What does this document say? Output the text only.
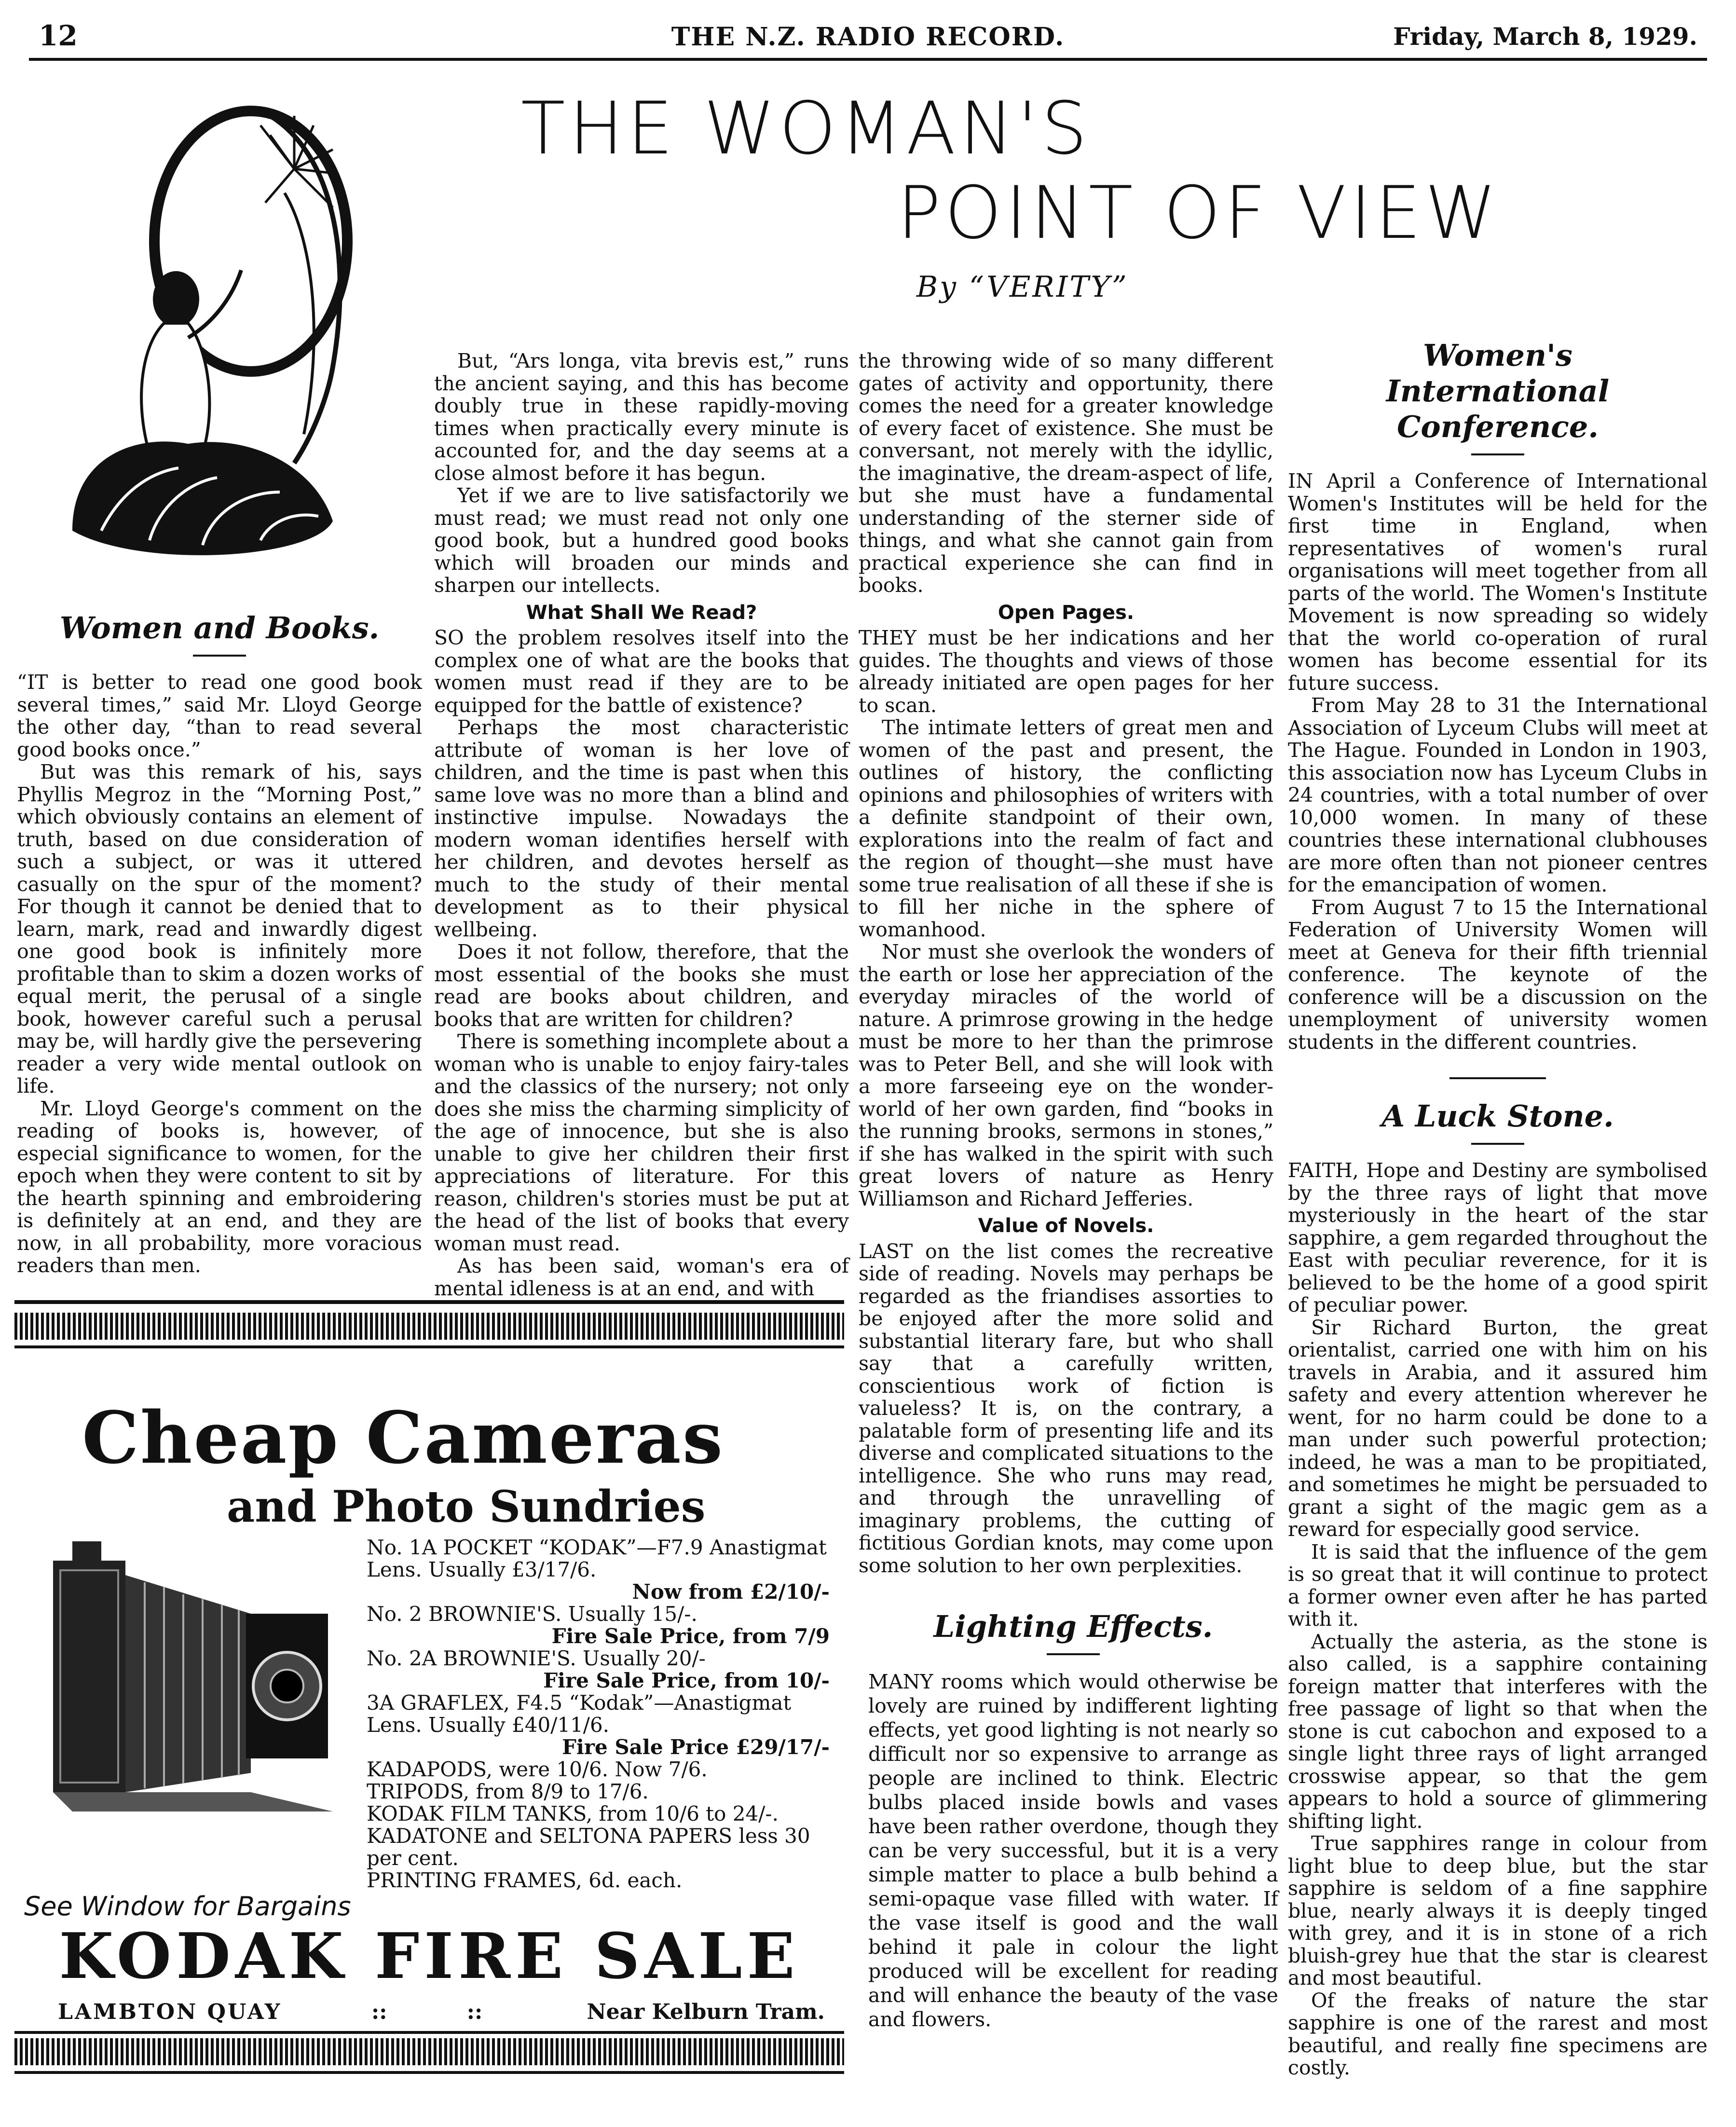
12	THE N.Z. RADIO RECORD.	Friday, March 8, 1929.
THE WOMAN'S
POINT OF VIEW
By “VERITY”
Women and Books.

“IT is better to read one good book several times,” said Mr. Lloyd George the other day, “than to read several good books once.”

But was this remark of his, says Phyllis Megroz in the “Morning Post,” which obviously contains an element of truth, based on due consideration of such a subject, or was it uttered casually on the spur of the moment? For though it cannot be denied that to learn, mark, read and inwardly digest one good book is infinitely more profitable than to skim a dozen works of equal merit, the perusal of a single book, however careful such a perusal may be, will hardly give the persevering reader a very wide mental outlook on life.

Mr. Lloyd George's comment on the reading of books is, however, of especial significance to women, for the epoch when they were content to sit by the hearth spinning and embroidering is definitely at an end, and they are now, in all probability, more voracious readers than men.

But, “Ars longa, vita brevis est,” runs the ancient saying, and this has become doubly true in these rapidly-moving times when practically every minute is accounted for, and the day seems at a close almost before it has begun.

Yet if we are to live satisfactorily we must read; we must read not only one good book, but a hundred good books which will broaden our minds and sharpen our intellects.

What Shall We Read?

SO the problem resolves itself into the complex one of what are the books that women must read if they are to be equipped for the battle of existence?

Perhaps the most characteristic attribute of woman is her love of children, and the time is past when this same love was no more than a blind and instinctive impulse. Nowadays the modern woman identifies herself with her children, and devotes herself as much to the study of their mental development as to their physical wellbeing.

Does it not follow, therefore, that the most essential of the books she must read are books about children, and books that are written for children?

There is something incomplete about a woman who is unable to enjoy fairy-tales and the classics of the nursery; not only does she miss the charming simplicity of the age of innocence, but she is also unable to give her children their first appreciations of literature. For this reason, children's stories must be put at the head of the list of books that every woman must read.

As has been said, woman's era of mental idleness is at an end, and with

the throwing wide of so many different gates of activity and opportunity, there comes the need for a greater knowledge of every facet of existence. She must be conversant, not merely with the idyllic, the imaginative, the dream-aspect of life, but she must have a fundamental understanding of the sterner side of things, and what she cannot gain from practical experience she can find in books.

Open Pages.

THEY must be her indications and her guides. The thoughts and views of those already initiated are open pages for her to scan.

The intimate letters of great men and women of the past and present, the outlines of history, the conflicting opinions and philosophies of writers with a definite standpoint of their own, explorations into the realm of fact and the region of thought—she must have some true realisation of all these if she is to fill her niche in the sphere of womanhood.

Nor must she overlook the wonders of the earth or lose her appreciation of the everyday miracles of the world of nature. A primrose growing in the hedge must be more to her than the primrose was to Peter Bell, and she will look with a more farseeing eye on the wonder-world of her own garden, find “books in the running brooks, sermons in stones,” if she has walked in the spirit with such great lovers of nature as Henry Williamson and Richard Jefferies.

Value of Novels.

LAST on the list comes the recreative side of reading. Novels may perhaps be regarded as the friandises assorties to be enjoyed after the more solid and substantial literary fare, but who shall say that a carefully written, conscientious work of fiction is valueless? It is, on the contrary, a palatable form of presenting life and its diverse and complicated situations to the intelligence. She who runs may read, and through the unravelling of imaginary problems, the cutting of fictitious Gordian knots, may come upon some solution to her own perplexities.

Lighting Effects.

MANY rooms which would otherwise be lovely are ruined by indifferent lighting effects, yet good lighting is not nearly so difficult nor so expensive to arrange as people are inclined to think. Electric bulbs placed inside bowls and vases have been rather overdone, though they can be very successful, but it is a very simple matter to place a bulb behind a semi-opaque vase filled with water. If the vase itself is good and the wall behind it pale in colour the light produced will be excellent for reading and will enhance the beauty of the vase and flowers.

Women's International Conference.

IN April a Conference of International Women's Institutes will be held for the first time in England, when representatives of women's rural organisations will meet together from all parts of the world. The Women's Institute Movement is now spreading so widely that the world co-operation of rural women has become essential for its future success.

From May 28 to 31 the International Association of Lyceum Clubs will meet at The Hague. Founded in London in 1903, this association now has Lyceum Clubs in 24 countries, with a total number of over 10,000 women. In many of these countries these international clubhouses are more often than not pioneer centres for the emancipation of women.

From August 7 to 15 the International Federation of University Women will meet at Geneva for their fifth triennial conference. The keynote of the conference will be a discussion on the unemployment of university women students in the different countries.

A Luck Stone.

FAITH, Hope and Destiny are symbolised by the three rays of light that move mysteriously in the heart of the star sapphire, a gem regarded throughout the East with peculiar reverence, for it is believed to be the home of a good spirit of peculiar power.

Sir Richard Burton, the great orientalist, carried one with him on his travels in Arabia, and it assured him safety and every attention wherever he went, for no harm could be done to a man under such powerful protection; indeed, he was a man to be propitiated, and sometimes he might be persuaded to grant a sight of the magic gem as a reward for especially good service.

It is said that the influence of the gem is so great that it will continue to protect a former owner even after he has parted with it.

Actually the asteria, as the stone is also called, is a sapphire containing foreign matter that interferes with the free passage of light so that when the stone is cut cabochon and exposed to a single light three rays of light arranged crosswise appear, so that the gem appears to hold a source of glimmering shifting light.

True sapphires range in colour from light blue to deep blue, but the star sapphire is seldom of a fine sapphire blue, nearly always it is deeply tinged with grey, and it is in stone of a rich bluish-grey hue that the star is clearest and most beautiful.

Of the freaks of nature the star sapphire is one of the rarest and most beautiful, and really fine specimens are costly.

Cheap Cameras
and Photo Sundries
No. 1A POCKET “KODAK”—F7.9 Anastigmat Lens. Usually £3/17/6.
Now from £2/10/-
No. 2 BROWNIE'S. Usually 15/-.
Fire Sale Price, from 7/9
No. 2A BROWNIE'S. Usually 20/-
Fire Sale Price, from 10/-
3A GRAFLEX, F4.5 “Kodak”—Anastigmat Lens. Usually £40/11/6.
Fire Sale Price £29/17/-
KADAPODS, were 10/6. Now 7/6.
TRIPODS, from 8/9 to 17/6.
KODAK FILM TANKS, from 10/6 to 24/-.
KADATONE and SELTONA PAPERS less 30 per cent.
PRINTING FRAMES, 6d. each.
See Window for Bargains
KODAK FIRE SALE
LAMBTON QUAY	:: ::	Near Kelburn Tram.
